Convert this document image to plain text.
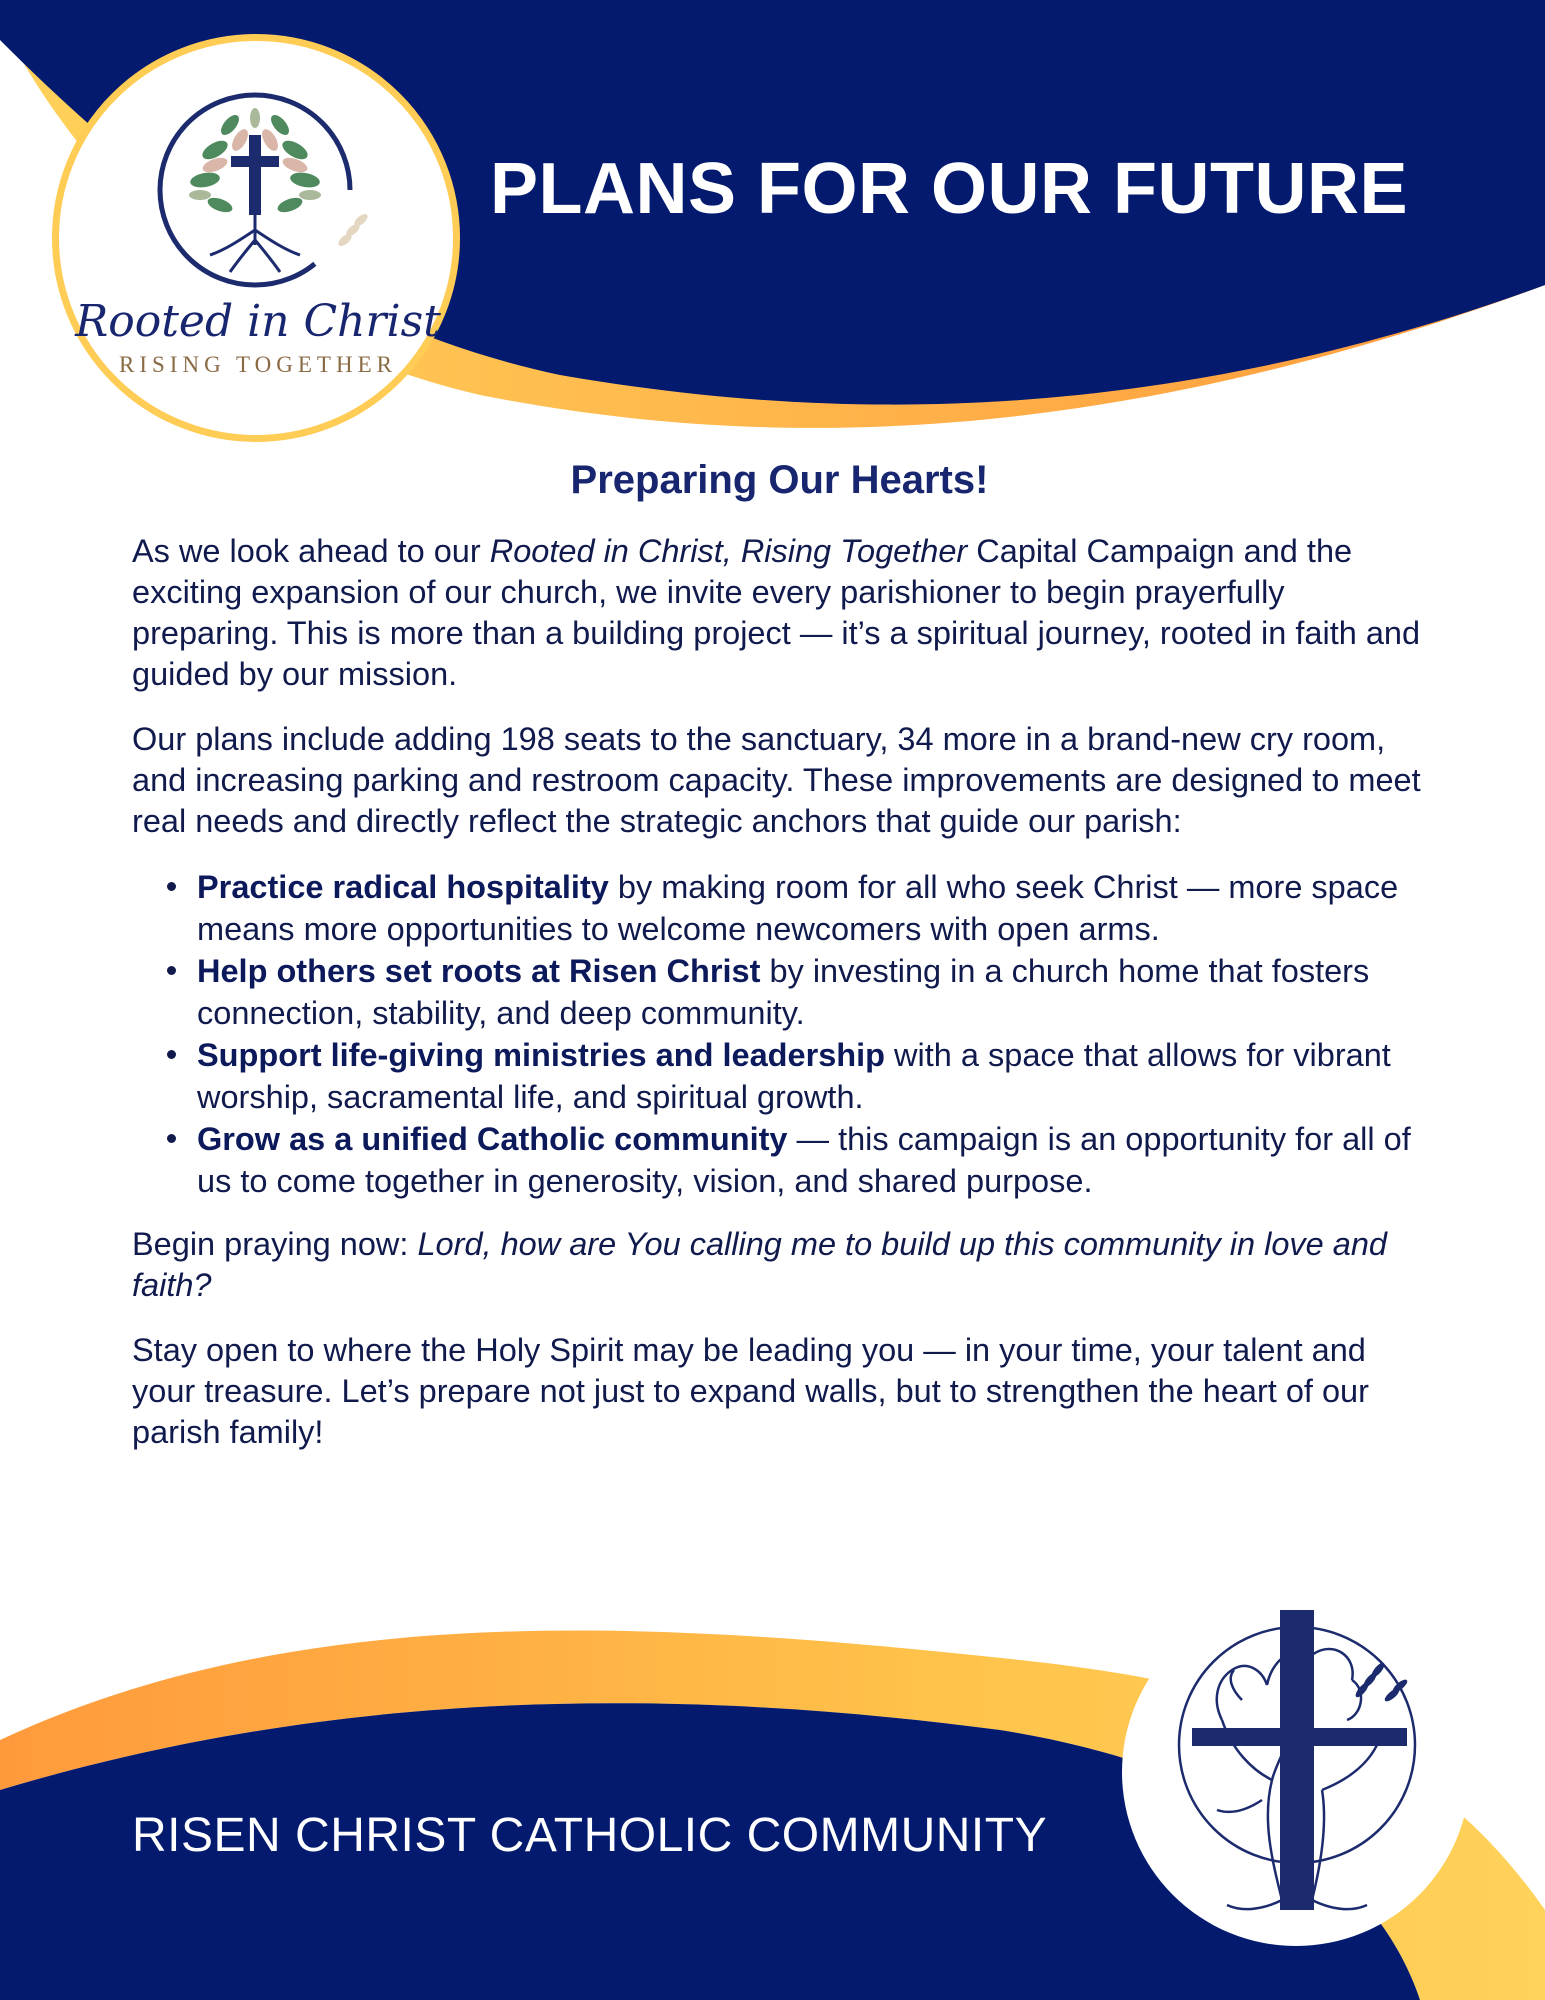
Rooted in Christ
RISING TOGETHER
PLANS FOR OUR FUTURE
Preparing Our Hearts!

As we look ahead to our Rooted in Christ, Rising Together Capital Campaign and the exciting expansion of our church, we invite every parishioner to begin prayerfully preparing. This is more than a building project — it’s a spiritual journey, rooted in faith and guided by our mission.

Our plans include adding 198 seats to the sanctuary, 34 more in a brand-new cry room, and increasing parking and restroom capacity. These improvements are designed to meet real needs and directly reflect the strategic anchors that guide our parish:

Practice radical hospitality by making room for all who seek Christ — more space means more opportunities to welcome newcomers with open arms.
Help others set roots at Risen Christ by investing in a church home that fosters connection, stability, and deep community.
Support life-giving ministries and leadership with a space that allows for vibrant worship, sacramental life, and spiritual growth.
Grow as a unified Catholic community — this campaign is an opportunity for all of us to come together in generosity, vision, and shared purpose.

Begin praying now: Lord, how are You calling me to build up this community in love and faith?

Stay open to where the Holy Spirit may be leading you — in your time, your talent and your treasure. Let’s prepare not just to expand walls, but to strengthen the heart of our parish family!

RISEN CHRIST CATHOLIC COMMUNITY
